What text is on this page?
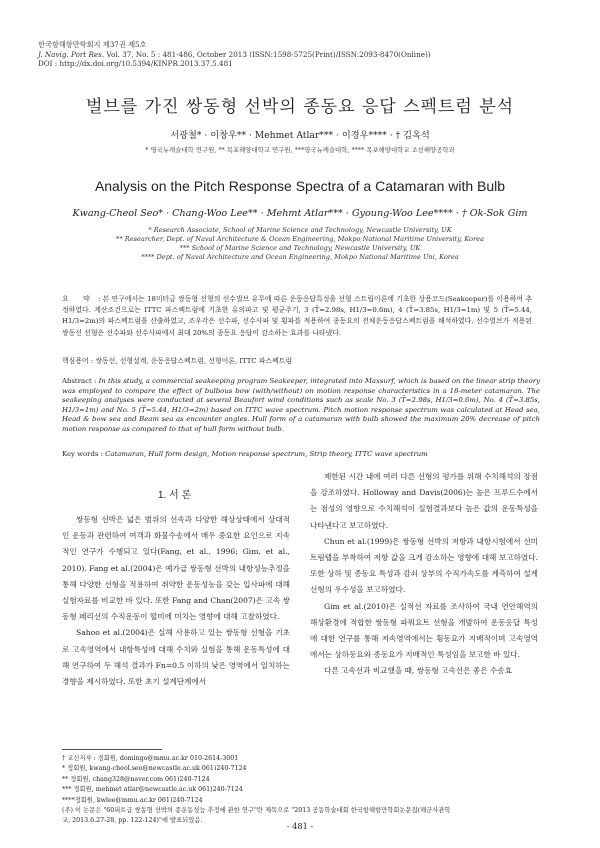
한국항해항만학회지 제37권 제5호
J. Navig. Port Res. Vol. 37, No. 5 : 481-486, October 2013 (ISSN:1598-5725(Print)/ISSN:2093-8470(Online))
DOI : http://dx.doi.org/10.5394/KINPR.2013.37.5.481
벌브를 가진 쌍동형 선박의 종동요 응답 스펙트럼 분석
서광철* · 이창우** · Mehmet Atlar*** · 이경우**** · † 김옥석
* 영국뉴캐슬대학 연구원, ** 목포해양대학교 연구원, ***영국뉴캐슬대학, **** 목포해양대학교 조선해양공학과
Analysis on the Pitch Response Spectra of a Catamaran with Bulb
Kwang-Cheol Seo* · Chang-Woo Lee** · Mehmt Atlar*** · Gyoung-Woo Lee**** · † Ok-Sok Gim
* Research Associate, School of Marine Science and Technology, Newcastle University, UK
** Researcher, Dept. of Naval Architecture & Ocean Engineering, Mokpo National Maritime University, Korea
*** School of Marine Science and Technology, Newcastle University, UK
**** Dept. of Naval Architecture and Ocean Engineering, Mokpo National Maritime Uni, Korea
요 약 : 본 연구에서는 18미터급 쌍동형 선형의 선수벌브 유무에 따른 운동응답특성을 선형 스트립이론에 기초한 상용코드(Seakeeper)를 이용하여 추정하였다. 계산조건으로는 ITTC 파스펙트럼에 기초한 유의파고 및 평균주기, 3 (T̄=2.98s, H1/3=0.6m), 4 (T̄=3.85s, H1/3=1m) 및 5 (T̄=5.44, H1/3=2m)의 파스펙트럼을 산출하였고, 조우각은 선수파, 선수사파 및 횡파를 적용하여 종동요의 전체운동응답스펙트럼을 해석하였다. 선수벌브가 적용된 쌍동선 선형은 선수파와 선수사파에서 최대 20%의 종동요 응답이 감소하는 효과를 나타냈다.
핵심용어 : 쌍동선, 선형설계, 운동응답스펙트럼, 선형이론, ITTC 파스펙트럼
Abstract : In this study, a commercial seakeeping program Seakeeper, integrated into Maxsurf, which is based on the linear strip theory was employed to compare the effect of bulbous bow (with/without) on motion response characteristics in a 18-meter catamaran. The seakeeping analyses were conducted at several Beaufort wind conditions such as scale No. 3 (T̄=2.98s, H1/3=0.6m), No. 4 (T̄=3.85s, H1/3=1m) and No. 5 (T̄=5.44, H1/3=2m) based on ITTC wave spectrum. Pitch motion response spectrum was calculated at Head sea, Head & bow sea and Beam sea as encounter angles. Hull form of a catamaran with bulb showed the maximum 20% decrease of pitch motion response as compared to that of hull form without bulb.
Key words : Catamaran, Hull form design, Motion response spectrum, Strip theory, ITTC wave spectrum
1. 서 론

쌍동형 선박은 넓은 범위의 선속과 다양한 해상상태에서 상대적인 운동과 관련하여 여객과 화물수송에서 매우 중요한 요인으로 지속적인 연구가 수행되고 있다(Fang, et al., 1996; Gim, et al., 2010). Fang et al.(2004)은 예가급 쌍동형 선박의 내항성능추정을 통해 다양한 선형을 적용하여 취약한 운동성능을 갖는 입사파에 대해 실험자료를 비교한 바 있다. 또한 Fang and Chan(2007)은 고속 쌍동형 페리선의 수직운동이 떨미에 미치는 영향에 대해 고찰하였다.

Sahoo et al.(2004)은 실해 사용하고 있는 쌍동형 선형을 기초로 고속영역에서 내항특성에 대해 수치와 실험을 통해 운동특성에 대해 연구하여 두 해석 결과가 Fn=0.5 이하의 낮은 영역에서 일치하는 경향을 제시하였다. 또한 초기 설계단계에서

제한된 시간 내에 여러 다른 선형의 평가를 위해 수치해석의 장점을 강조하였다. Holloway and Davis(2006)는 높은 프루드수에서는 점성의 영향으로 수치해석이 실험결과보다 높은 값의 운동특성을 나타낸다고 보고하였다.

Chun et al.(1999)은 쌍동형 선박의 저항과 내항시험에서 선미트림탭을 부착하여 저항 값을 크게 감소하는 영향에 대해 보고하였다. 또한 상하 및 종동요 특성과 감쇠 상부의 수직가속도를 계측하여 설계선형의 우수성을 보고하였다.

Gim et al.(2010)은 실적선 자료를 조사하여 국내 연안해역의 해상환경에 적합한 쌍동형 파워요트 선형을 개발하여 운동응답 특성에 대한 연구를 통해 저속영역에서는 횡동요가 지배적이며 고속영역에서는 상하동요와 종동요가 지배적인 특성임을 보고한 바 있다.

다른 고속선과 비교했을 때, 쌍동형 고속선은 좋은 수송효

† 교신저자 : 정회원, domingo@mmu.ac.kr 010-2614-3001
* 정회원, kwang-cheol.seo@newcastle.ac.uk 061)240-7124
** 정회원, chang328@naver.com 061)240-7124
*** 정회원, mehmet atlar@newcastle.ac.uk 061)240-7124
****정회원, kwlee@mmu.ac.kr 061)240-7124
(주) 이 논문은 "60피트급 쌍동형 선박의 종운동성능 추정에 관한 연구"란 제목으로 "2013 공동학술대회 한국항해항만학회논문집(해군사관학
교, 2013.6.27-28, pp. 122-124)"에 발표되었음.
- 481 -
